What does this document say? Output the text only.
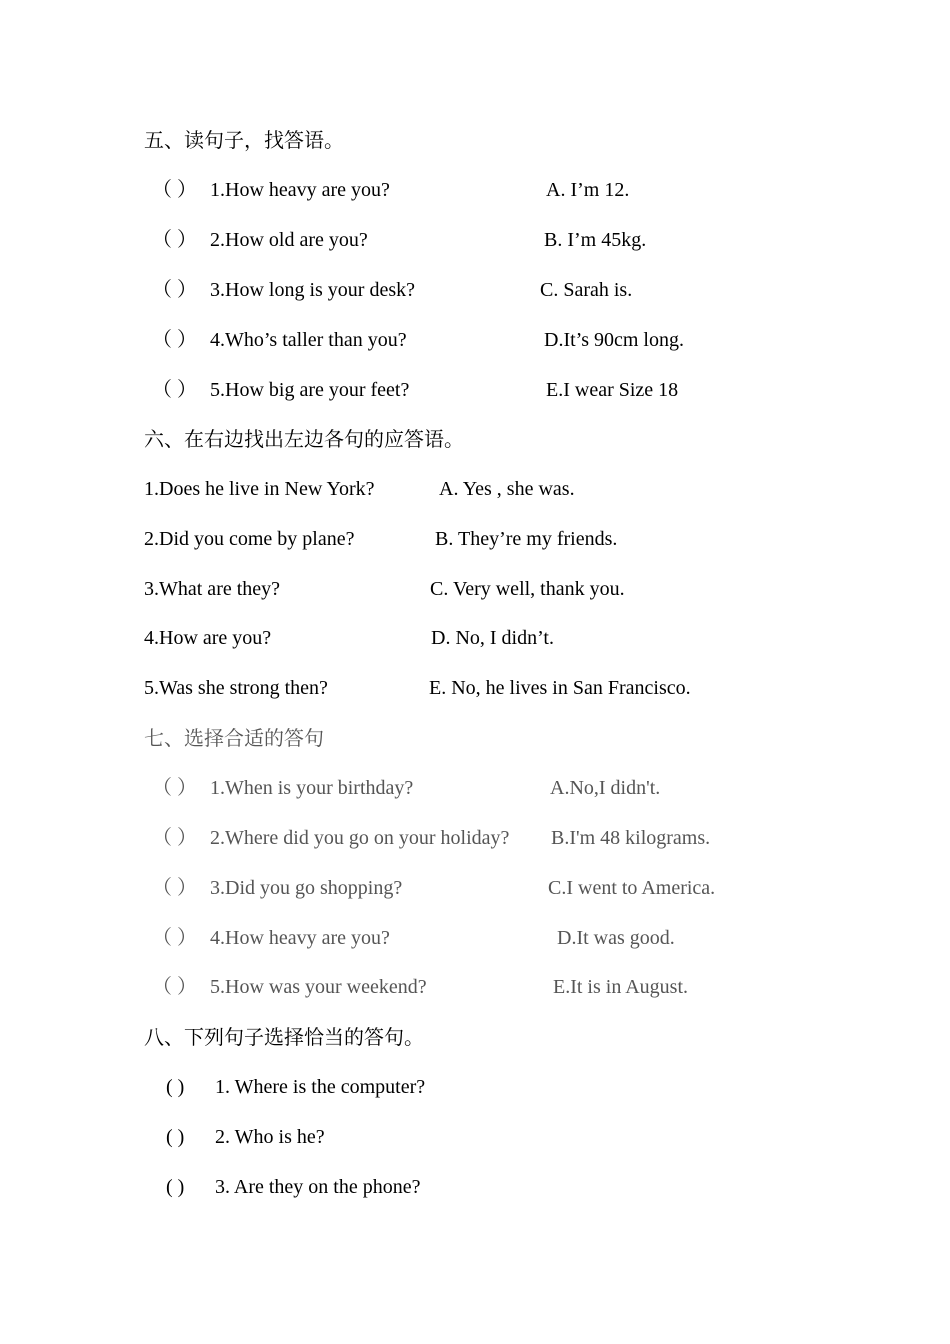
五、读句子，找答语。
（ ） 1.How heavy are you?	A. I’m 12.
（ ） 2.How old are you?	B. I’m 45kg.
（ ） 3.How long is your desk?	C. Sarah is.
（ ） 4.Who’s taller than you?	D.It’s 90cm long.
（ ） 5.How big are your feet?	E.I wear Size 18
六、在右边找出左边各句的应答语。
1.Does he live in New York?	A. Yes , she was.
2.Did you come by plane?	B. They’re my friends.
3.What are they?	C. Very well, thank you.
4.How are you?	D. No, I didn’t.
5.Was she strong then?	E. No, he lives in San Francisco.
七、选择合适的答句
（ ） 1.When is your birthday?	A.No,I didn't.
（ ） 2.Where did you go on your holiday? B.I'm 48 kilograms.
（ ） 3.Did you go shopping?	C.I went to America.
（ ） 4.How heavy are you?	D.It was good.
（ ） 5.How was your weekend?	E.It is in August.
八、下列句子选择恰当的答句。
( ) 1. Where is the computer?
( ) 2. Who is he?
( ) 3. Are they on the phone?
